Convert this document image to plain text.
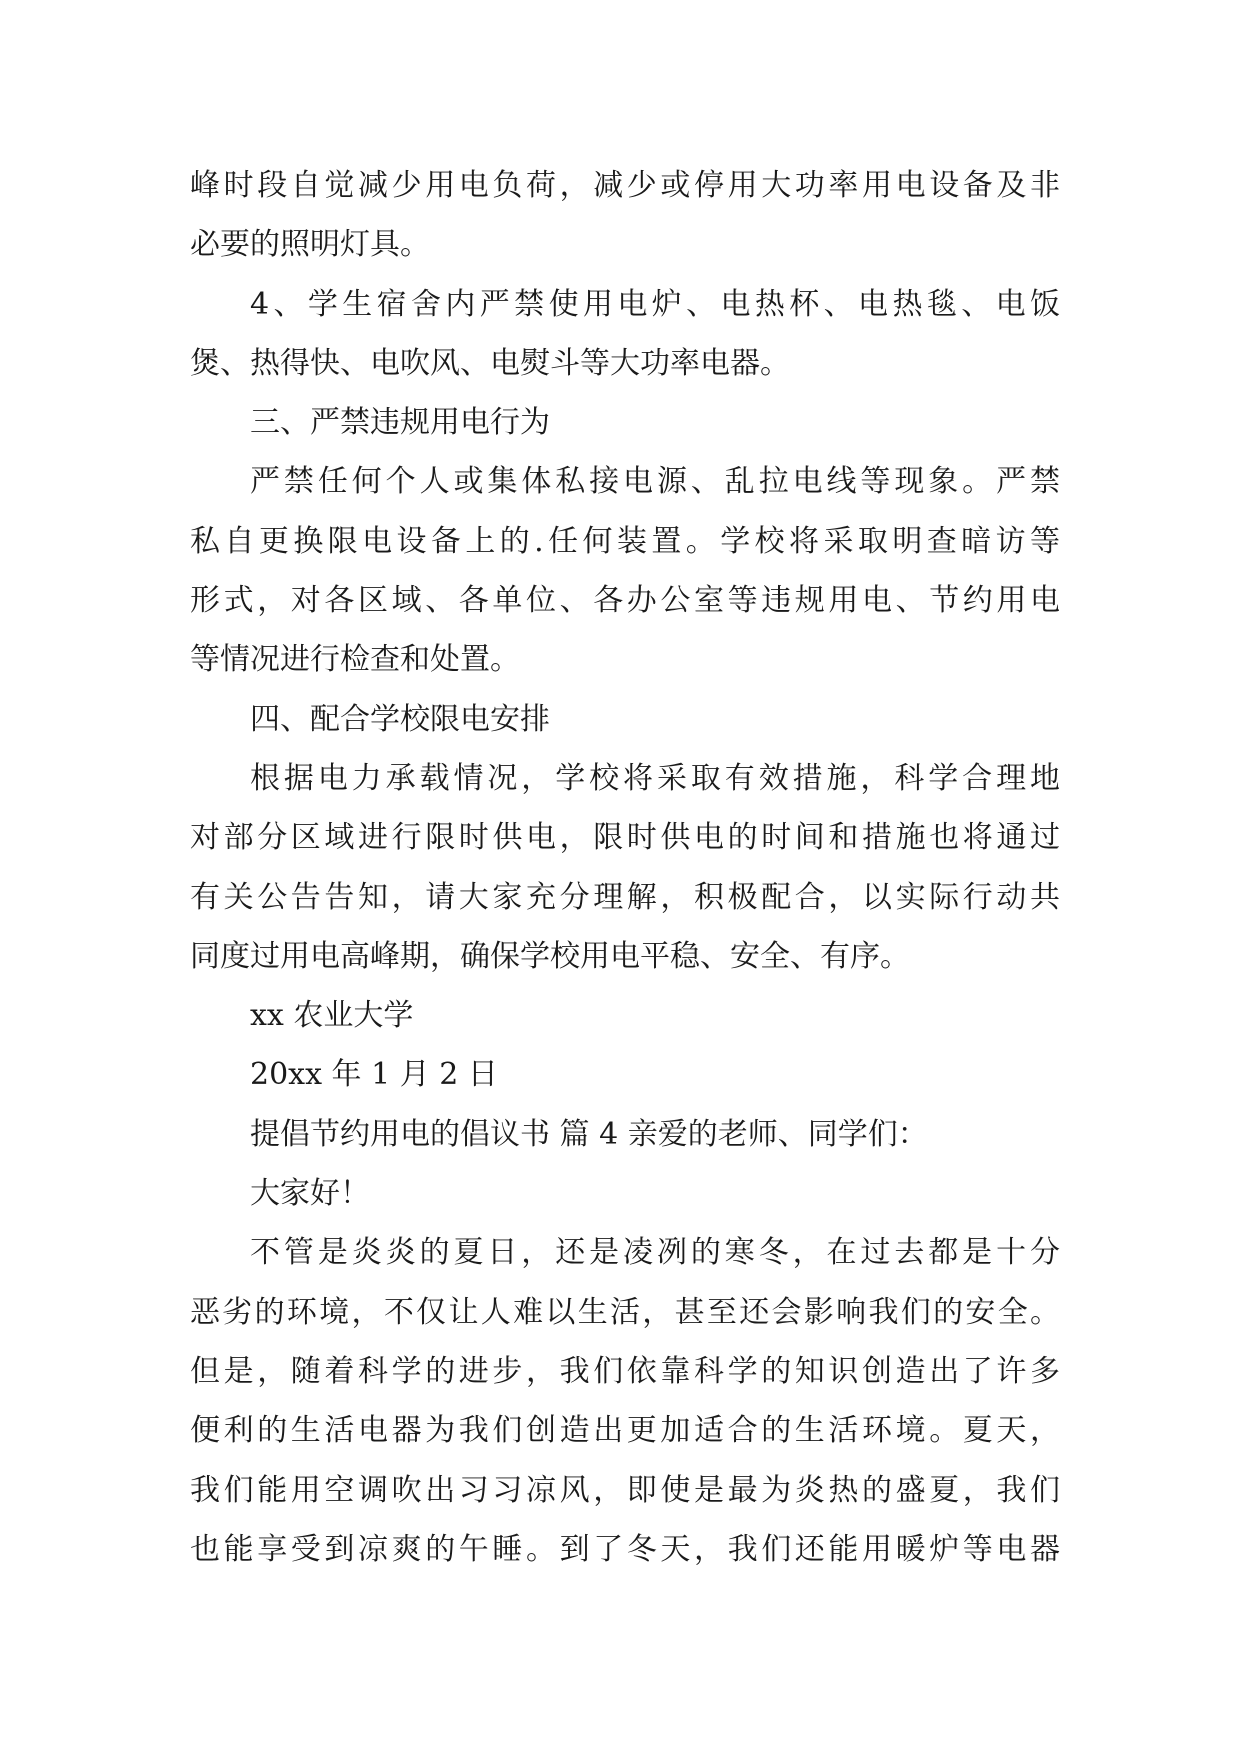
峰时段自觉减少用电负荷，减少或停用大功率用电设备及非
必要的照明灯具。
4、学生宿舍内严禁使用电炉、电热杯、电热毯、电饭
煲、热得快、电吹风、电熨斗等大功率电器。
三、严禁违规用电行为
严禁任何个人或集体私接电源、乱拉电线等现象。严禁
私自更换限电设备上的.任何装置。学校将采取明查暗访等
形式，对各区域、各单位、各办公室等违规用电、节约用电
等情况进行检查和处置。
四、配合学校限电安排
根据电力承载情况，学校将采取有效措施，科学合理地
对部分区域进行限时供电，限时供电的时间和措施也将通过
有关公告告知，请大家充分理解，积极配合，以实际行动共
同度过用电高峰期，确保学校用电平稳、安全、有序。
xx 农业大学
20xx 年 1 月 2 日
提倡节约用电的倡议书 篇 4 亲爱的老师、同学们：
大家好！
不管是炎炎的夏日，还是凌冽的寒冬，在过去都是十分
恶劣的环境，不仅让人难以生活，甚至还会影响我们的安全。
但是，随着科学的进步，我们依靠科学的知识创造出了许多
便利的生活电器为我们创造出更加适合的生活环境。夏天，
我们能用空调吹出习习凉风，即使是最为炎热的盛夏，我们
也能享受到凉爽的午睡。到了冬天，我们还能用暖炉等电器
